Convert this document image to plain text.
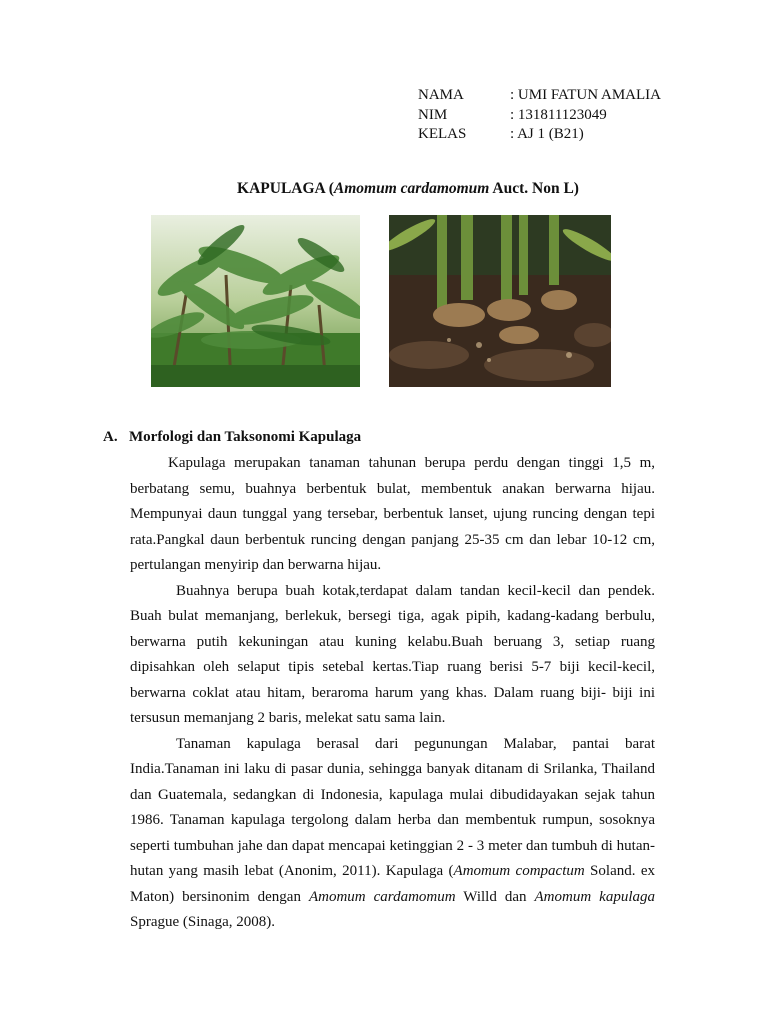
NAMA	: UMI FATUN AMALIA
NIM	: 131811123049
KELAS	: AJ 1 (B21)
KAPULAGA (Amomum cardamomum Auct. Non L)
A. Morfologi dan Taksonomi Kapulaga

Kapulaga merupakan tanaman tahunan berupa perdu dengan tinggi 1,5 m, berbatang semu, buahnya berbentuk bulat, membentuk anakan berwarna hijau. Mempunyai daun tunggal yang tersebar, berbentuk lanset, ujung runcing dengan tepi rata.Pangkal daun berbentuk runcing dengan panjang 25-35 cm dan lebar 10-12 cm, pertulangan menyirip dan berwarna hijau.

Buahnya berupa buah kotak,terdapat dalam tandan kecil-kecil dan pendek. Buah bulat memanjang, berlekuk, bersegi tiga, agak pipih, kadang-kadang berbulu, berwarna putih kekuningan atau kuning kelabu.Buah beruang 3, setiap ruang dipisahkan oleh selaput tipis setebal kertas.Tiap ruang berisi 5-7 biji kecil-kecil, berwarna coklat atau hitam, beraroma harum yang khas. Dalam ruang biji- biji ini tersusun memanjang 2 baris, melekat satu sama lain.

Tanaman kapulaga berasal dari pegunungan Malabar, pantai barat India.Tanaman ini laku di pasar dunia, sehingga banyak ditanam di Srilanka, Thailand dan Guatemala, sedangkan di Indonesia, kapulaga mulai dibudidayakan sejak tahun 1986. Tanaman kapulaga tergolong dalam herba dan membentuk rumpun, sosoknya seperti tumbuhan jahe dan dapat mencapai ketinggian 2 - 3 meter dan tumbuh di hutan-hutan yang masih lebat (Anonim, 2011). Kapulaga (Amomum compactum Soland. ex Maton) bersinonim dengan Amomum cardamomum Willd dan Amomum kapulaga Sprague (Sinaga, 2008).
